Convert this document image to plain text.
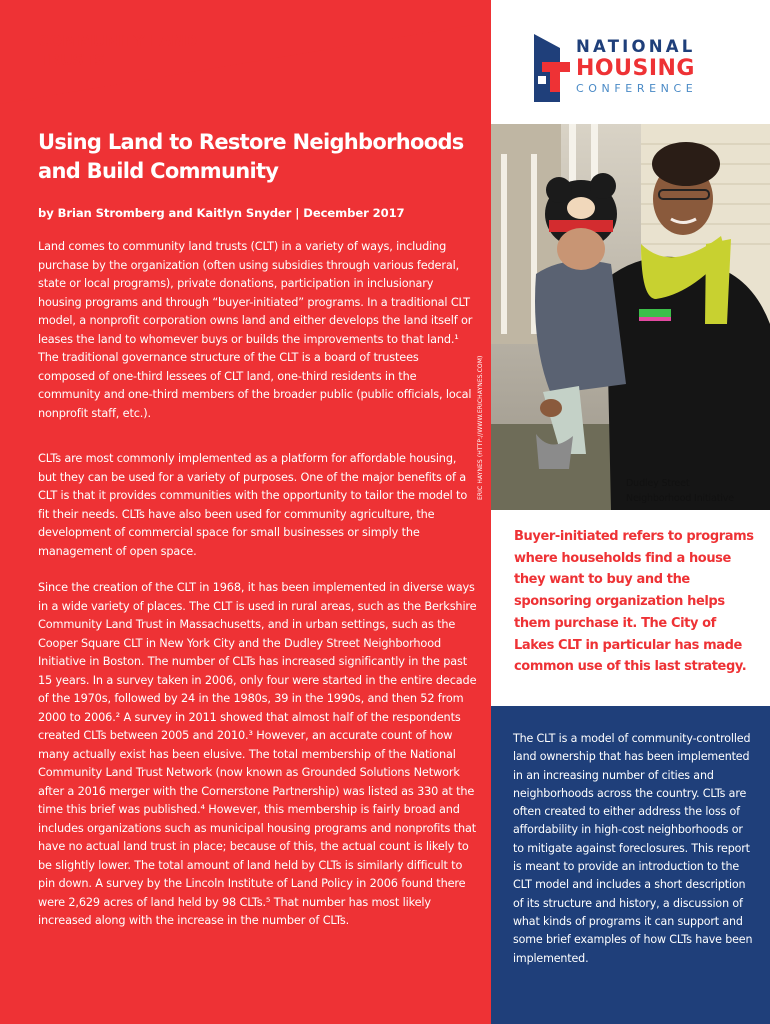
COMMUNITY LAND TRUSTS
NATIONAL
HOUSING
CONFERENCE
Using Land to Restore Neighborhoods and Build Community
by Brian Stromberg and Kaitlyn Snyder | December 2017

Land comes to community land trusts (CLT) in a variety of ways, including purchase by the organization (often using subsidies through various federal, state or local programs), private donations, participation in inclusionary housing programs and through “buyer-initiated” programs. In a traditional CLT model, a nonprofit corporation owns land and either develops the land itself or leases the land to whomever buys or builds the improvements to that land.¹ The traditional governance structure of the CLT is a board of trustees composed of one-third lessees of CLT land, one-third residents in the community and one-third members of the broader public (public officials, local nonprofit staff, etc.).

CLTs are most commonly implemented as a platform for affordable housing, but they can be used for a variety of purposes. One of the major benefits of a CLT is that it provides communities with the opportunity to tailor the model to fit their needs. CLTs have also been used for community agriculture, the development of commercial space for small businesses or simply the management of open space.

Since the creation of the CLT in 1968, it has been implemented in diverse ways in a wide variety of places. The CLT is used in rural areas, such as the Berkshire Community Land Trust in Massachusetts, and in urban settings, such as the Cooper Square CLT in New York City and the Dudley Street Neighborhood Initiative in Boston. The number of CLTs has increased significantly in the past 15 years. In a survey taken in 2006, only four were started in the entire decade of the 1970s, followed by 24 in the 1980s, 39 in the 1990s, and then 52 from 2000 to 2006.² A survey in 2011 showed that almost half of the respondents created CLTs between 2005 and 2010.³ However, an accurate count of how many actually exist has been elusive. The total membership of the National Community Land Trust Network (now known as Grounded Solutions Network after a 2016 merger with the Cornerstone Partnership) was listed as 330 at the time this brief was published.⁴ However, this membership is fairly broad and includes organizations such as municipal housing programs and nonprofits that have no actual land trust in place; because of this, the actual count is likely to be slightly lower. The total amount of land held by CLTs is similarly difficult to pin down. A survey by the Lincoln Institute of Land Policy in 2006 found there were 2,629 acres of land held by 98 CLTs.⁵ That number has most likely increased along with the increase in the number of CLTs.

ERIC HAYNES (HTTP://WWW.ERICHAYNES.COM)	Dudley Street
Neighborhood Initiative
Buyer-initiated refers to programs where households find a house they want to buy and the sponsoring organization helps them purchase it. The City of Lakes CLT in particular has made common use of this last strategy.
The CLT is a model of community-controlled land ownership that has been implemented in an increasing number of cities and neighborhoods across the country. CLTs are often created to either address the loss of affordability in high-cost neighborhoods or to mitigate against foreclosures. This report is meant to provide an introduction to the CLT model and includes a short description of its structure and history, a discussion of what kinds of programs it can support and some brief examples of how CLTs have been implemented.
